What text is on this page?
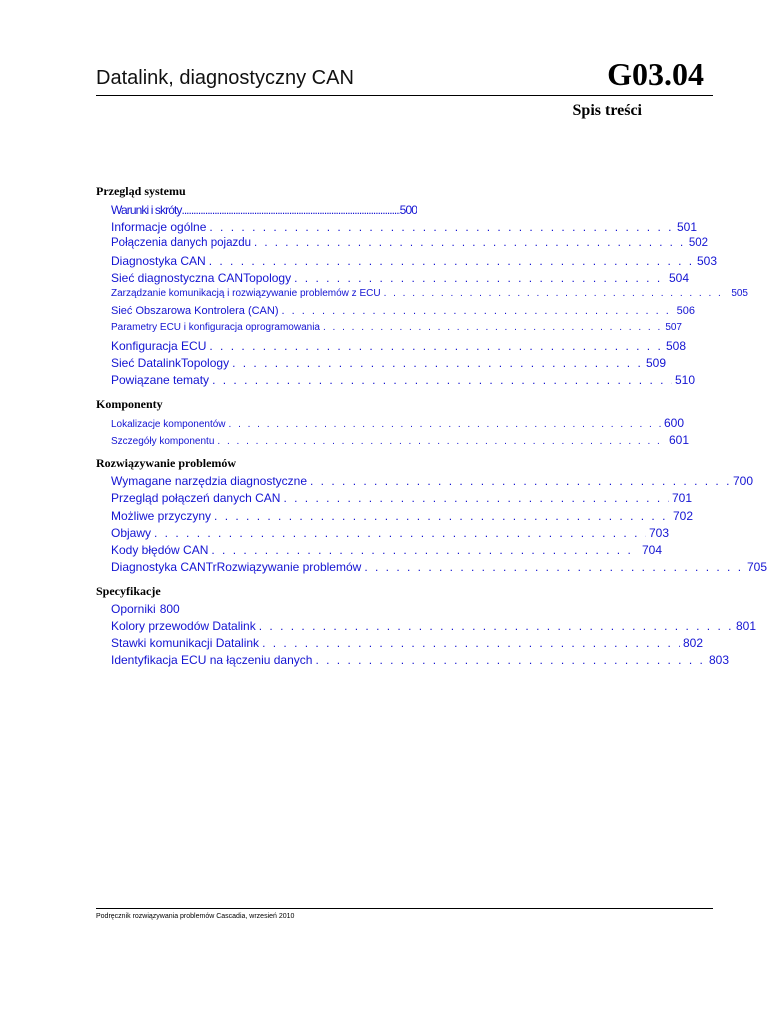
Datalink, diagnostyczny CAN	G03.04
Spis treści
Przegląd systemu
Warunki i skróty .....	500
Informacje ogólne . . .	501
Połączenia danych pojazdu . . .	502
Diagnostyka CAN . . .	503
Sieć diagnostyczna CANTopology . . .	504
Zarządzanie komunikacją i rozwiązywanie problemów z ECU . . .	505
Sieć Obszarowa Kontrolera (CAN) . . .	506
Parametry ECU i konfiguracja oprogramowania . . .	507
Konfiguracja ECU . . .	508
Sieć DatalinkTopology . . .	509
Powiązane tematy . . .	510
Komponenty
Lokalizacje komponentów . . .	600
Szczegóły komponentu . . .	601
Rozwiązywanie problemów
Wymagane narzędzia diagnostyczne . . .	700
Przegląd połączeń danych CAN . . .	701
Możliwe przyczyny . . .	702
Objawy . . .	703
Kody błędów CAN . . .	704
Diagnostyka CANTrRozwiązywanie problemów . . .	705
Specyfikacje
Oporniki 800
Kolory przewodów Datalink . . .	801
Stawki komunikacji Datalink . . .	802
Identyfikacja ECU na łączeniu danych . . .	803
Podręcznik rozwiązywania problemów Cascadia, wrzesień 2010
